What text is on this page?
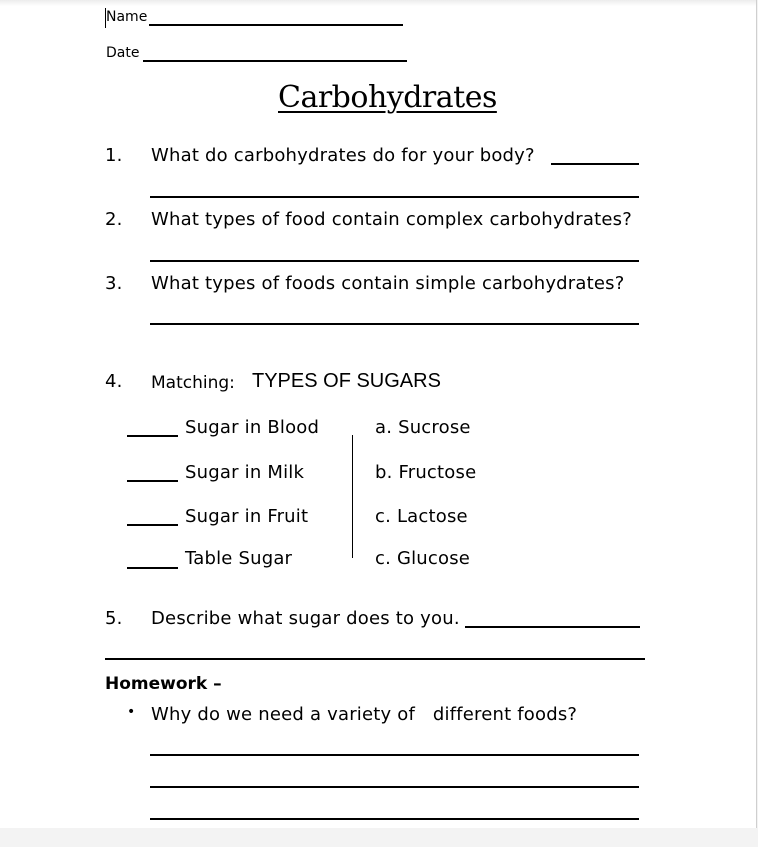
Name
Date
Carbohydrates
1. What do carbohydrates do for your body?
2. What types of food contain complex carbohydrates?
3. What types of foods contain simple carbohydrates?
4. Matching: TYPES OF SUGARS
Sugar in Blood
Sugar in Milk
Sugar in Fruit
Table Sugar
a. Sucrose
b. Fructose
c. Lactose
c. Glucose
5. Describe what sugar does to you.
Homework –
• Why do we need a variety of   different foods?
